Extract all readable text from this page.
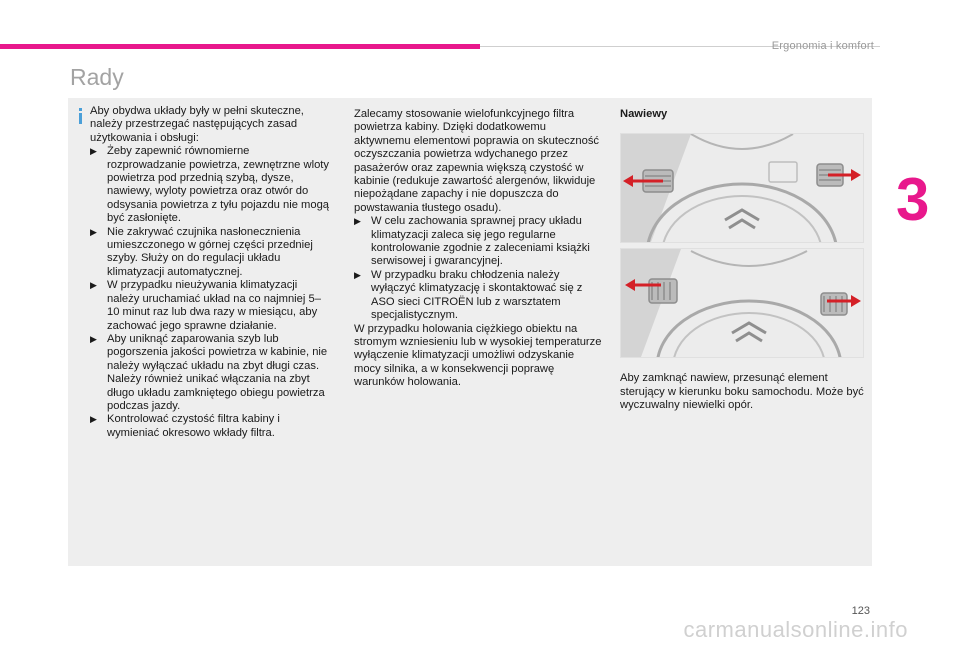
Ergonomia i komfort
Rady
3

Aby obydwa układy były w pełni skuteczne, należy przestrzegać następujących zasad użytkowania i obsługi:

▶ Żeby zapewnić równomierne rozprowadzanie powietrza, zewnętrzne wloty powietrza pod przednią szybą, dysze, nawiewy, wyloty powietrza oraz otwór do odsysania powietrza z tyłu pojazdu nie mogą być zasłonięte.
▶ Nie zakrywać czujnika nasłonecznienia umieszczonego w górnej części przedniej szyby. Służy on do regulacji układu klimatyzacji automatycznej.
▶ W przypadku nieużywania klimatyzacji należy uruchamiać układ na co najmniej 5–10 minut raz lub dwa razy w miesiącu, aby zachować jego sprawne działanie.
▶ Aby uniknąć zaparowania szyb lub pogorszenia jakości powietrza w kabinie, nie należy wyłączać układu na zbyt długi czas. Należy również unikać włączania na zbyt długo układu zamkniętego obiegu powietrza podczas jazdy.
▶ Kontrolować czystość filtra kabiny i wymieniać okresowo wkłady filtra.

Zalecamy stosowanie wielofunkcyjnego filtra powietrza kabiny. Dzięki dodatkowemu aktywnemu elementowi poprawia on skuteczność oczyszczania powietrza wdychanego przez pasażerów oraz zapewnia większą czystość w kabinie (redukuje zawartość alergenów, likwiduje niepożądane zapachy i nie dopuszcza do powstawania tłustego osadu).

▶ W celu zachowania sprawnej pracy układu klimatyzacji zaleca się jego regularne kontrolowanie zgodnie z zaleceniami książki serwisowej i gwarancyjnej.
▶ W przypadku braku chłodzenia należy wyłączyć klimatyzację i skontaktować się z ASO sieci CITROËN lub z warsztatem specjalistycznym.

W przypadku holowania ciężkiego obiektu na stromym wzniesieniu lub w wysokiej temperaturze wyłączenie klimatyzacji umożliwi odzyskanie mocy silnika, a w konsekwencji poprawę warunków holowania.

Nawiewy

Aby zamknąć nawiew, przesunąć element sterujący w kierunku boku samochodu. Może być wyczuwalny niewielki opór.

123
carmanualsonline.info
